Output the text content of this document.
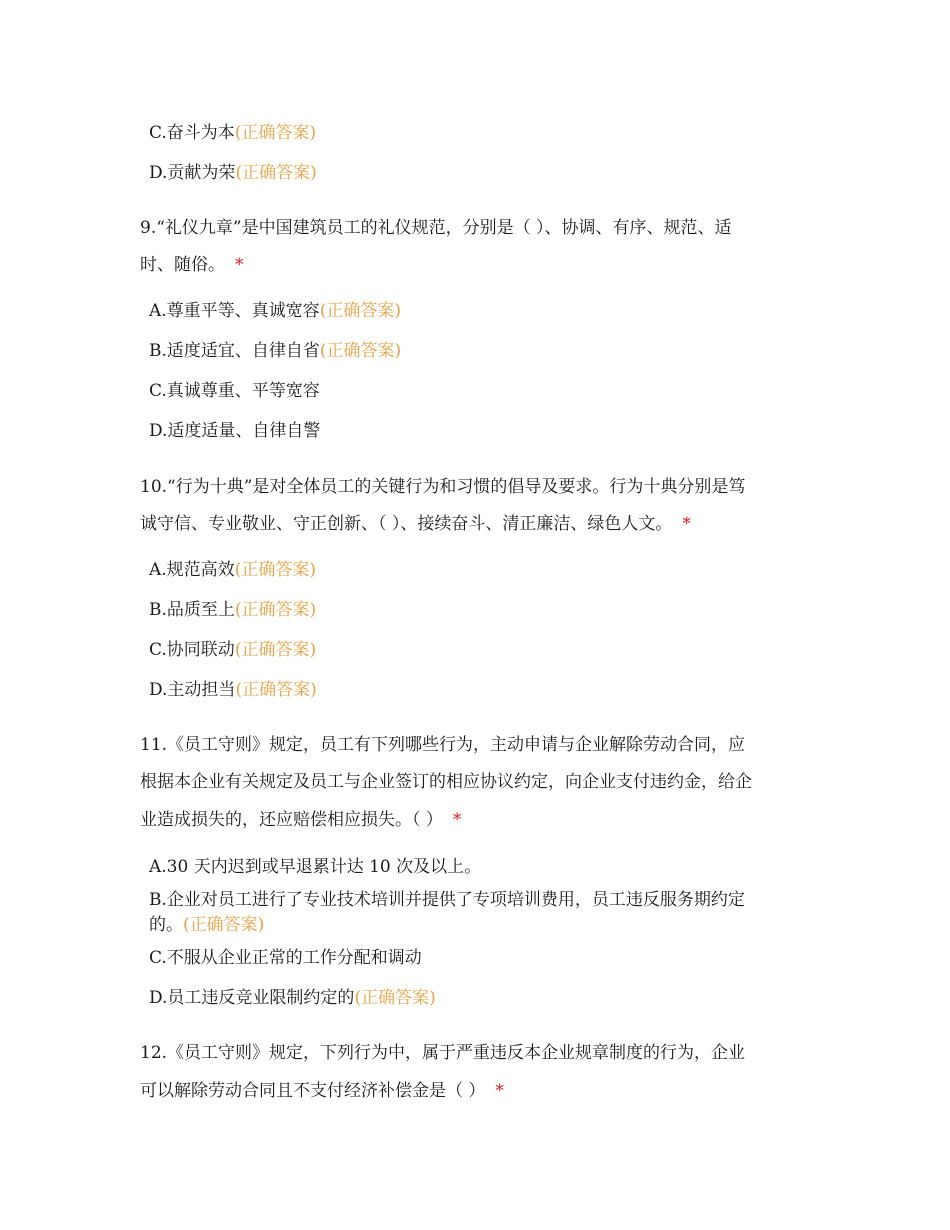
C.奋斗为本(正确答案)
D.贡献为荣(正确答案)
9.“礼仪九章”是中国建筑员工的礼仪规范，分别是（ ）、协调、有序、规范、适
时、随俗。 *
A.尊重平等、真诚宽容(正确答案)
B.适度适宜、自律自省(正确答案)
C.真诚尊重、平等宽容
D.适度适量、自律自警
10.“行为十典”是对全体员工的关键行为和习惯的倡导及要求。行为十典分别是笃
诚守信、专业敬业、守正创新、（ ）、接续奋斗、清正廉洁、绿色人文。 *
A.规范高效(正确答案)
B.品质至上(正确答案)
C.协同联动(正确答案)
D.主动担当(正确答案)
11.《员工守则》规定，员工有下列哪些行为，主动申请与企业解除劳动合同，应
根据本企业有关规定及员工与企业签订的相应协议约定，向企业支付违约金，给企
业造成损失的，还应赔偿相应损失。（ ） *
A.30 天内迟到或早退累计达 10 次及以上。
B.企业对员工进行了专业技术培训并提供了专项培训费用，员工违反服务期约定
的。(正确答案)
C.不服从企业正常的工作分配和调动
D.员工违反竞业限制约定的(正确答案)
12.《员工守则》规定，下列行为中，属于严重违反本企业规章制度的行为，企业
可以解除劳动合同且不支付经济补偿金是（ ） *
